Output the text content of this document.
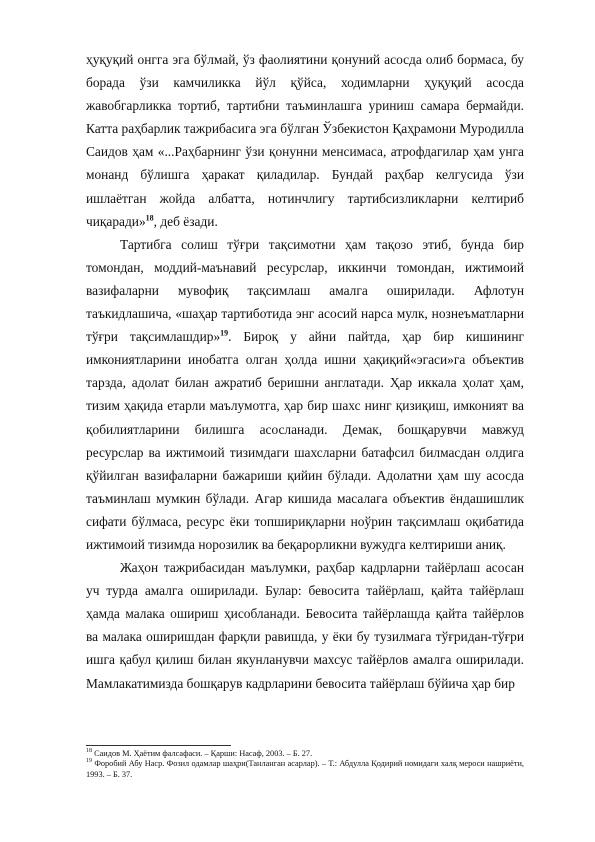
ҳуқуқий онгга эга бўлмай, ўз фаолиятини қонуний асосда олиб бормаса, бу борада ўзи камчиликка йўл қўйса, ходимларни ҳуқуқий асосда жавобгарликка тортиб, тартибни таъминлашга уриниш самара бермайди. Катта раҳбарлик тажрибасига эга бўлган Ўзбекистон Қаҳрамони Муродилла Саидов ҳам «...Раҳбарнинг ўзи қонунни менсимаса, атрофдагилар ҳам унга монанд бўлишга ҳаракат қиладилар. Бундай раҳбар келгусида ўзи ишлаётган жойда албатта, нотинчлигу тартибсизликларни келтириб чиқаради»$^{18}$, деб ёзади.

Тартибга солиш тўғри тақсимотни ҳам тақозо этиб, бунда бир томондан, моддий-маънавий ресурслар, иккинчи томондан, ижтимоий вазифаларни мувофиқ тақсимлаш амалга оширилади. Афлотун таъкидлашича, «шаҳар тартиботида энг асосий нарса мулк, нознеъматларни тўғри тақсимлашдир»$^{19}$. Бироқ у айни пайтда, ҳар бир кишининг имкониятларини инобатга олган ҳолда ишни ҳақиқий«эгаси»га объектив тарзда, адолат билан ажратиб беришни англатади. Ҳар иккала ҳолат ҳам, тизим ҳақида етарли маълумотга, ҳар бир шахс нинг қизиқиш, имконият ва қобилиятларини билишга асосланади. Демак, бошқарувчи мавжуд ресурслар ва ижтимоий тизимдаги шахсларни батафсил билмасдан олдига қўйилган вазифаларни бажариши қийин бўлади. Адолатни ҳам шу асосда таъминлаш мумкин бўлади. Агар кишида масалага объектив ёндашишлик сифати бўлмаса, ресурс ёки топшириқларни ноўрин тақсимлаш оқибатида ижтимоий тизимда норозилик ва беқарорликни вужудга келтириши аниқ.

Жаҳон тажрибасидан маълумки, раҳбар кадрларни тайёрлаш асосан уч турда амалга оширилади. Булар: бевосита тайёрлаш, қайта тайёрлаш ҳамда малака ошириш ҳисобланади. Бевосита тайёрлашда қайта тайёрлов ва малака оширишдан фарқли равишда, у ёки бу тузилмага тўғридан-тўғри ишга қабул қилиш билан якунланувчи махсус тайёрлов амалга оширилади. Мамлакатимизда бошқарув кадрларини бевосита тайёрлаш бўйича ҳар бир

$^{18}$ Саидов М. Ҳаётим фалсафаси. – Қарши: Насаф, 2003. – Б. 27.

$^{19}$ Форобий Абу Наср. Фозил одамлар шаҳри(Танланган асарлар). – Т.: Абдулла Қодирий номидаги халқ мероси нашриёти, 1993. – Б. 37.
